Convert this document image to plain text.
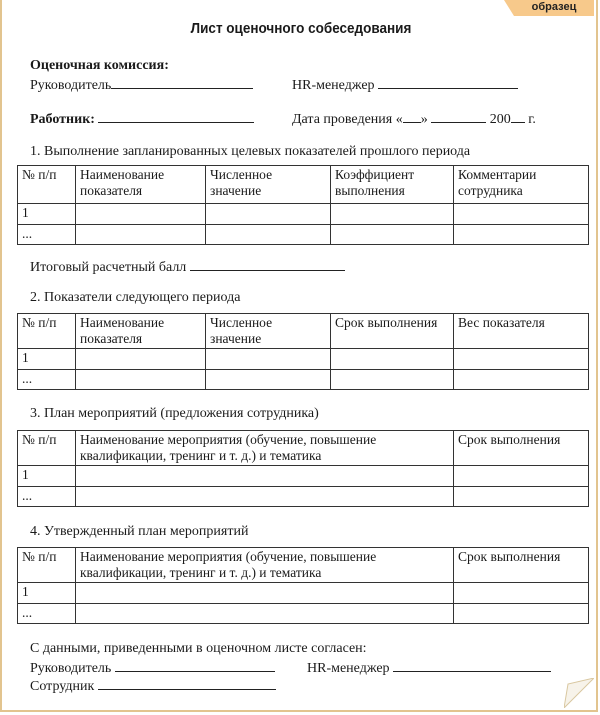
образец
Лист оценочного собеседования
Оценочная комиссия:
Руководитель	HR-менеджер
Работник:	Дата проведения « »	200 г.
1. Выполнение запланированных целевых показателей прошлого периода
№ п/п	Наименование показателя	Численное значение	Коэффициент выполнения	Комментарии сотрудника
1				
...				
Итоговый расчетный балл
2. Показатели следующего периода
№ п/п	Наименование показателя	Численное значение	Срок выполнения	Вес показателя
1				
...				
3. План мероприятий (предложения сотрудника)
№ п/п	Наименование мероприятия (обучение, повышение квалификации, тренинг и т. д.) и тематика	Срок выполнения
1		
...		
4. Утвержденный план мероприятий
№ п/п	Наименование мероприятия (обучение, повышение квалификации, тренинг и т. д.) и тематика	Срок выполнения
1		
...		
С данными, приведенными в оценочном листе согласен:
Руководитель	HR-менеджер
Сотрудник
